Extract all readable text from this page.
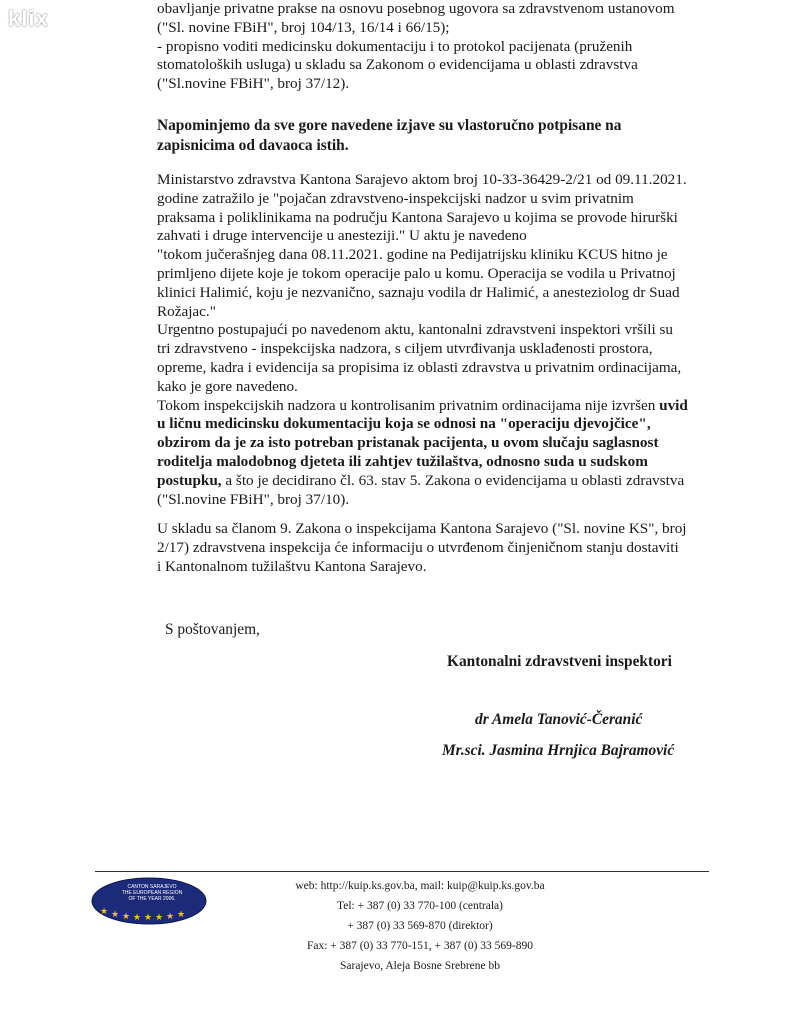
klix	obavljanje privatne prakse na osnovu posebnog ugovora sa zdravstvenom ustanovom
("Sl. novine FBiH", broj 104/13, 16/14 i 66/15);
- propisno voditi medicinsku dokumentaciju i to protokol pacijenata (pruženih
stomatoloških usluga) u skladu sa Zakonom o evidencijama u oblasti zdravstva
("Sl.novine FBiH", broj 37/12).
Napominjemo da sve gore navedene izjave su vlastoručno potpisane na
zapisnicima od davaoca istih.
Ministarstvo zdravstva Kantona Sarajevo aktom broj 10-33-36429-2/21 od 09.11.2021.
godine zatražilo je "pojačan zdravstveno-inspekcijski nadzor u svim privatnim
praksama i poliklinikama na području Kantona Sarajevo u kojima se provode hirurški
zahvati i druge intervencije u anesteziji." U aktu je navedeno
"tokom jučerašnjeg dana 08.11.2021. godine na Pedijatrijsku kliniku KCUS hitno je
primljeno dijete koje je tokom operacije palo u komu. Operacija se vodila u Privatnoj
klinici Halimić, koju je nezvanično, saznaju vodila dr Halimić, a anesteziolog dr Suad
Rožajac."
Urgentno postupajući po navedenom aktu, kantonalni zdravstveni inspektori vršili su
tri zdravstveno - inspekcijska nadzora, s ciljem utvrđivanja usklađenosti prostora,
opreme, kadra i evidencija sa propisima iz oblasti zdravstva u privatnim ordinacijama,
kako je gore navedeno.
Tokom inspekcijskih nadzora u kontrolisanim privatnim ordinacijama nije izvršen uvid
u ličnu medicinsku dokumentaciju koja se odnosi na "operaciju djevojčice",
obzirom da je za isto potreban pristanak pacijenta, u ovom slučaju saglasnost
roditelja malodobnog djeteta ili zahtjev tužilaštva, odnosno suda u sudskom
postupku, a što je decidirano čl. 63. stav 5. Zakona o evidencijama u oblasti zdravstva
("Sl.novine FBiH", broj 37/10).
U skladu sa članom 9. Zakona o inspekcijama Kantona Sarajevo ("Sl. novine KS", broj
2/17) zdravstvena inspekcija će informaciju o utvrđenom činjeničnom stanju dostaviti
i Kantonalnom tužilaštvu Kantona Sarajevo.
S poštovanjem,
Kantonalni zdravstveni inspektori
dr Amela Tanović-Čeranić
Mr.sci. Jasmina Hrnjica Bajramović
CANTON SARAJEVO
THE EUROPEAN REGION
OF THE YEAR 2006.
★ ★ ★ ★ ★ ★ ★ ★
web: http://kuip.ks.gov.ba, mail: kuip@kuip.ks.gov.ba
Tel: + 387 (0) 33 770-100 (centrala)
+ 387 (0) 33 569-870 (direktor)
Fax: + 387 (0) 33 770-151, + 387 (0) 33 569-890
Sarajevo, Aleja Bosne Srebrene bb
